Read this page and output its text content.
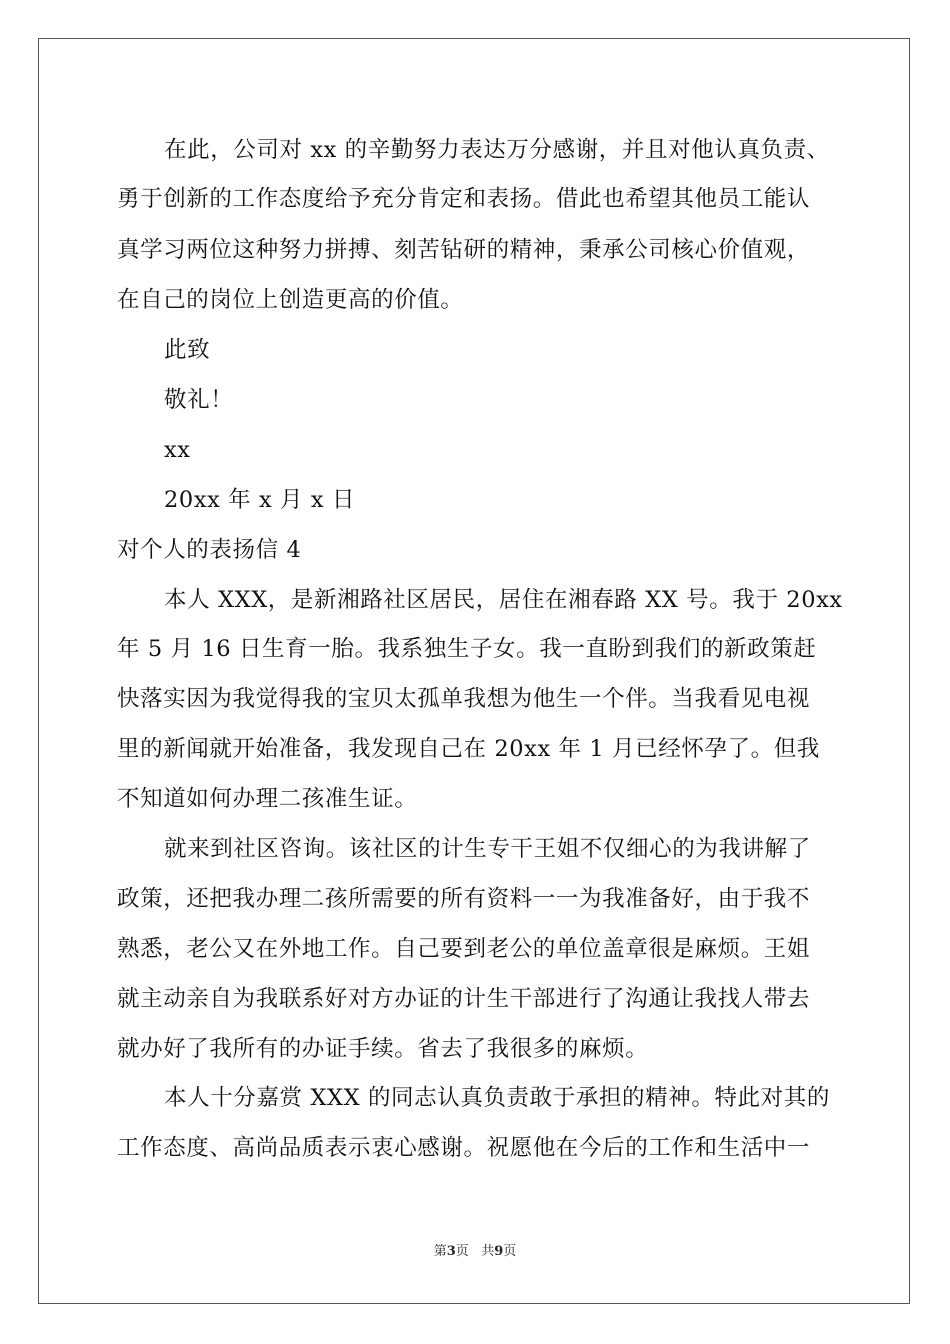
在此，公司对 xx 的辛勤努力表达万分感谢，并且对他认真负责、
勇于创新的工作态度给予充分肯定和表扬。借此也希望其他员工能认
真学习两位这种努力拼搏、刻苦钻研的精神，秉承公司核心价值观，
在自己的岗位上创造更高的价值。
此致
敬礼！
xx
20xx 年 x 月 x 日
对个人的表扬信 4
本人 XXX，是新湘路社区居民，居住在湘春路 XX 号。我于 20xx
年 5 月 16 日生育一胎。我系独生子女。我一直盼到我们的新政策赶
快落实因为我觉得我的宝贝太孤单我想为他生一个伴。当我看见电视
里的新闻就开始准备，我发现自己在 20xx 年 1 月已经怀孕了。但我
不知道如何办理二孩准生证。
就来到社区咨询。该社区的计生专干王姐不仅细心的为我讲解了
政策，还把我办理二孩所需要的所有资料一一为我准备好，由于我不
熟悉，老公又在外地工作。自己要到老公的单位盖章很是麻烦。王姐
就主动亲自为我联系好对方办证的计生干部进行了沟通让我找人带去
就办好了我所有的办证手续。省去了我很多的麻烦。
本人十分嘉赏 XXX 的同志认真负责敢于承担的精神。特此对其的
工作态度、高尚品质表示衷心感谢。祝愿他在今后的工作和生活中一
第3页 共9页
